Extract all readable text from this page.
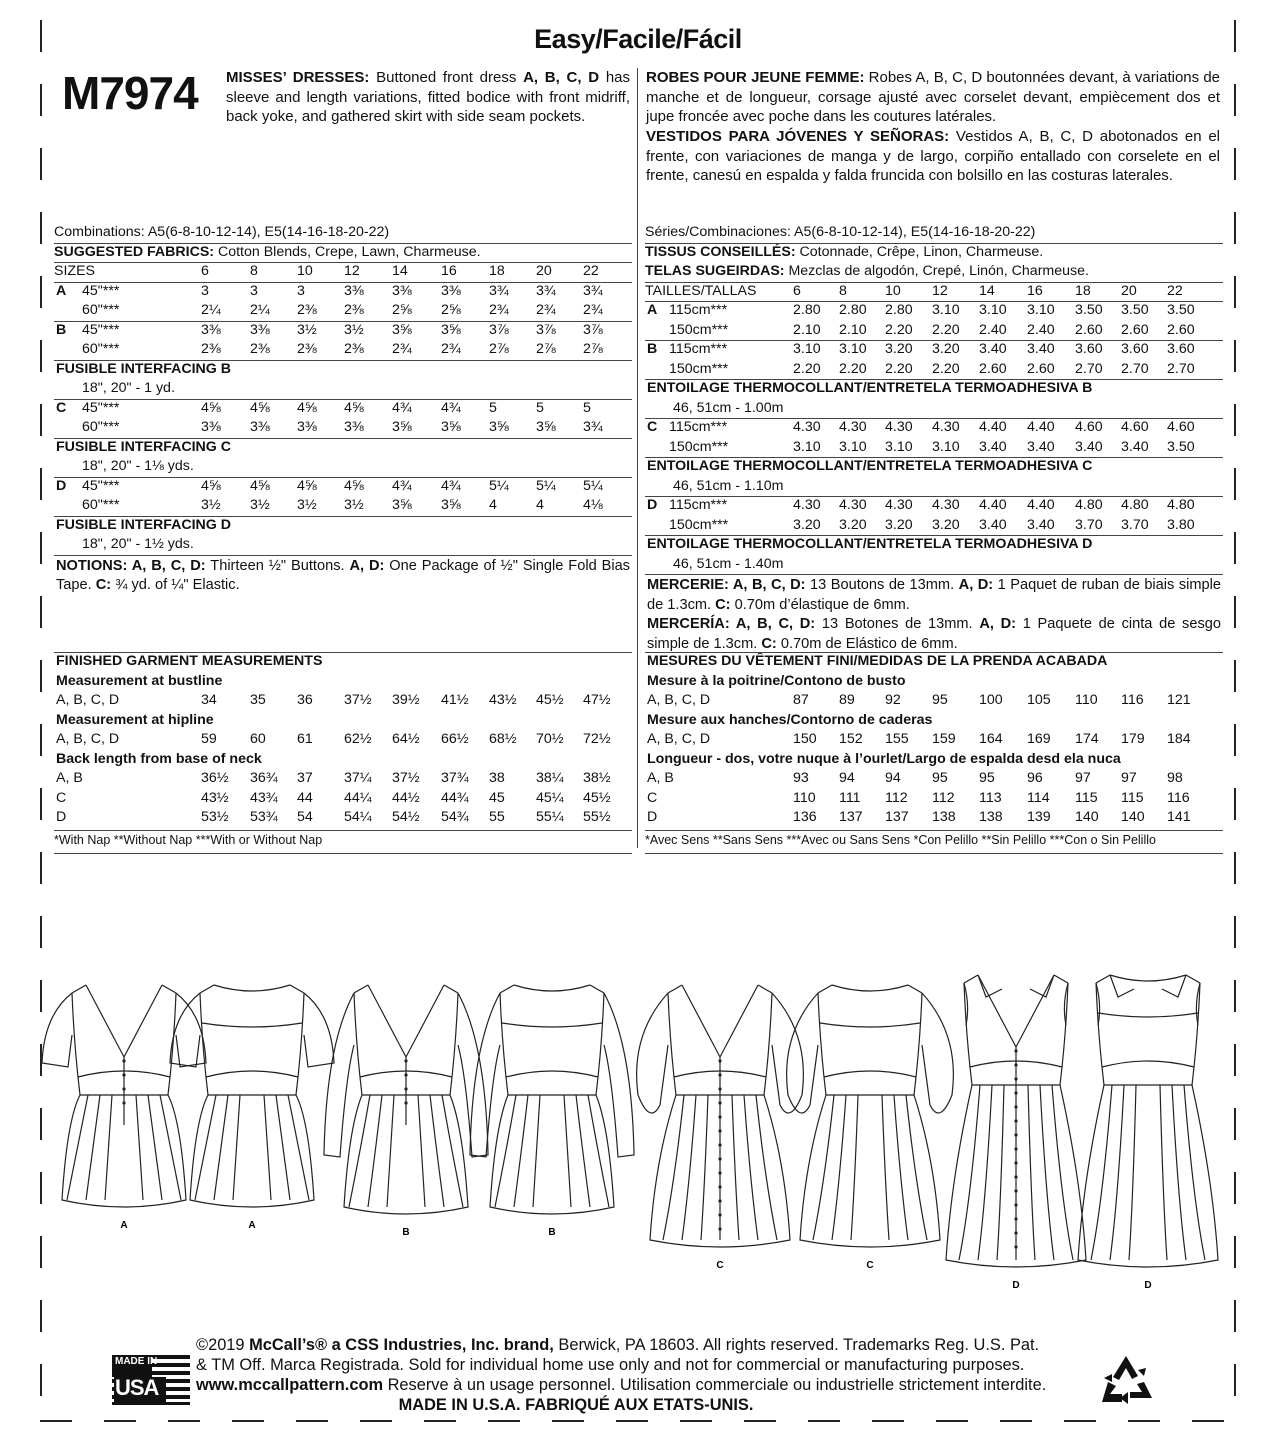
Easy/Facile/Fácil
M7974 MISSES’ DRESSES: Buttoned front dress A, B, C, D has sleeve and length variations, fitted bodice with front midriff, back yoke, and gathered skirt with side seam pockets.
ROBES POUR JEUNE FEMME: Robes A, B, C, D boutonnées devant, à variations de manche et de longueur, corsage ajusté avec corselet devant, empiècement dos et jupe froncée avec poche dans les coutures latérales.
VESTIDOS PARA JÓVENES Y SEÑORAS: Vestidos A, B, C, D abotonados en el frente, con variaciones de manga y de largo, corpiño entallado con corselete en el frente, canesú en espalda y falda fruncida con bolsillo en las costuras laterales.
Combinations: A5(6-8-10-12-14), E5(14-16-18-20-22)
SUGGESTED FABRICS: Cotton Blends, Crepe, Lawn, Charmeuse.
SIZES	6	8	10 12 14 16 18 20 22
A 45"***	3	3	3	3⅜ 3⅜ 3⅜ 3¾ 3¾ 3¾
60"***	2¼ 2¼ 2⅜ 2⅜ 2⅝ 2⅝ 2¾ 2¾ 2¾
B 45"***	3⅜ 3⅜ 3½ 3½ 3⅝ 3⅝ 3⅞ 3⅞ 3⅞
60"***	2⅜ 2⅜ 2⅜ 2⅜ 2¾ 2¾ 2⅞ 2⅞ 2⅞
FUSIBLE INTERFACING B
18", 20" - 1 yd.
C 45"***	4⅝ 4⅝ 4⅝ 4⅝ 4¾ 4¾ 5	5	5
60"***	3⅜ 3⅜ 3⅜ 3⅜ 3⅝ 3⅝ 3⅝ 3⅝ 3¾
FUSIBLE INTERFACING C
18", 20" - 1⅛ yds.
D 45"***	4⅝ 4⅝ 4⅝ 4⅝ 4¾ 4¾ 5¼ 5¼ 5¼
60"***	3½ 3½ 3½ 3½ 3⅝ 3⅝ 4	4	4⅛
FUSIBLE INTERFACING D
18", 20" - 1½ yds.
NOTIONS: A, B, C, D: Thirteen ½" Buttons. A, D: One Package of ½" Single Fold Bias Tape. C: ¾ yd. of ¼" Elastic.
FINISHED GARMENT MEASUREMENTS
Measurement at bustline
A, B, C, D	34 35 36 37½ 39½ 41½ 43½ 45½ 47½
Measurement at hipline
A, B, C, D	59 60 61 62½ 64½ 66½ 68½ 70½ 72½
Back length from base of neck
A, B	36½ 36¾ 37 37¼ 37½ 37¾ 38 38¼ 38½
C	43½ 43¾ 44 44¼ 44½ 44¾ 45 45¼ 45½
D	53½ 53¾ 54 54¼ 54½ 54¾ 55 55¼ 55½
*With Nap **Without Nap ***With or Without Nap
Séries/Combinaciones: A5(6-8-10-12-14), E5(14-16-18-20-22)
TISSUS CONSEILLÉS: Cotonnade, Crêpe, Linon, Charmeuse.
TELAS SUGEIRDAS: Mezclas de algodón, Crepé, Linón, Charmeuse.
TAILLES/TALLAS	6	8	10 12 14 16 18 20 22
A 115cm***	2.80 2.80 2.80 3.10 3.10 3.10 3.50 3.50 3.50
150cm***	2.10 2.10 2.20 2.20 2.40 2.40 2.60 2.60 2.60
B 115cm***	3.10 3.10 3.20 3.20 3.40 3.40 3.60 3.60 3.60
150cm***	2.20 2.20 2.20 2.20 2.60 2.60 2.70 2.70 2.70
ENTOILAGE THERMOCOLLANT/ENTRETELA TERMOADHESIVA B
46, 51cm - 1.00m
C 115cm***	4.30 4.30 4.30 4.30 4.40 4.40 4.60 4.60 4.60
150cm***	3.10 3.10 3.10 3.10 3.40 3.40 3.40 3.40 3.50
ENTOILAGE THERMOCOLLANT/ENTRETELA TERMOADHESIVA C
46, 51cm - 1.10m
D 115cm***	4.30 4.30 4.30 4.30 4.40 4.40 4.80 4.80 4.80
150cm***	3.20 3.20 3.20 3.20 3.40 3.40 3.70 3.70 3.80
ENTOILAGE THERMOCOLLANT/ENTRETELA TERMOADHESIVA D
46, 51cm - 1.40m
MERCERIE: A, B, C, D: 13 Boutons de 13mm. A, D: 1 Paquet de ruban de biais simple de 1.3cm. C: 0.70m d’élastique de 6mm.
MERCERÍA: A, B, C, D: 13 Botones de 13mm. A, D: 1 Paquete de cinta de sesgo simple de 1.3cm. C: 0.70m de Elástico de 6mm.
MESURES DU VÊTEMENT FINI/MEDIDAS DE LA PRENDA ACABADA
Mesure à la poitrine/Contono de busto
A, B, C, D	87 89 92 95 100 105 110 116 121
Mesure aux hanches/Contorno de caderas
A, B, C, D	150 152 155 159 164 169 174 179 184
Longueur - dos, votre nuque à l’ourlet/Largo de espalda desd ela nuca
A, B	93 94 94 95 95 96 97 97 98
C	110 111 112 112 113 114 115 115 116
D	136 137 137 138 138 139 140 140 141
*Avec Sens **Sans Sens ***Avec ou Sans Sens *Con Pelillo **Sin Pelillo ***Con o Sin Pelillo
A	A
B	B
C	C
D	D
MADE IN
USA
©2019 McCall’s® a CSS Industries, Inc. brand, Berwick, PA 18603. All rights reserved. Trademarks Reg. U.S. Pat.
& TM Off. Marca Registrada. Sold for individual home use only and not for commercial or manufacturing purposes.
www.mccallpattern.com Reserve à un usage personnel. Utilisation commerciale ou industrielle strictement interdite.
MADE IN U.S.A. FABRIQUÉ AUX ETATS-UNIS.
